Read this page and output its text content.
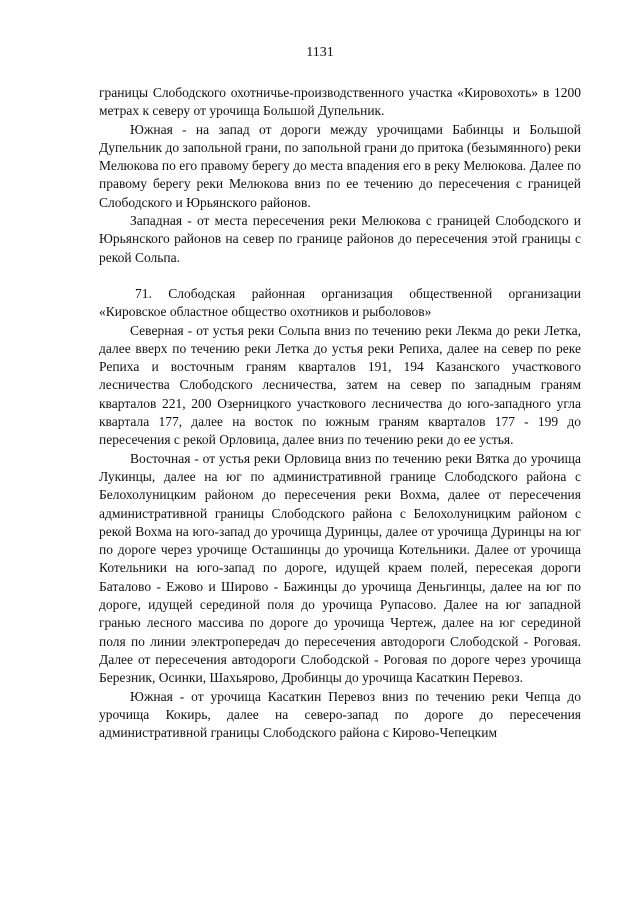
1131

границы Слободского охотничье-производственного участка «Кировохоть» в 1200 метрах к северу от урочища Большой Дупельник.

Южная - на запад от дороги между урочищами Бабинцы и Большой Дупельник до запольной грани, по запольной грани до притока (безымянного) реки Мелюкова по его правому берегу до места впадения его в реку Мелюкова. Далее по правому берегу реки Мелюкова вниз по ее течению до пересечения с границей Слободского и Юрьянского районов.

Западная - от места пересечения реки Мелюкова с границей Слободского и Юрьянского районов на север по границе районов до пересечения этой границы с рекой Сольпа.

71. Слободская районная организация общественной организации «Кировское областное общество охотников и рыболовов»

Северная - от устья реки Сольпа вниз по течению реки Лекма до реки Летка, далее вверх по течению реки Летка до устья реки Репиха, далее на север по реке Репиха и восточным граням кварталов 191, 194 Казанского участкового лесничества Слободского лесничества, затем на север по западным граням кварталов 221, 200 Озерницкого участкового лесничества до юго-западного угла квартала 177, далее на восток по южным граням кварталов 177 - 199 до пересечения с рекой Орловица, далее вниз по течению реки до ее устья.

Восточная - от устья реки Орловица вниз по течению реки Вятка до урочища Лукинцы, далее на юг по административной границе Слободского района с Белохолуницким районом до пересечения реки Вохма, далее от пересечения административной границы Слободского района с Белохолуницким районом с рекой Вохма на юго-запад до урочища Дуринцы, далее от урочища Дуринцы на юг по дороге через урочище Осташинцы до урочища Котельники. Далее от урочища Котельники на юго-запад по дороге, идущей краем полей, пересекая дороги Баталово - Ежово и Широво - Бажинцы до урочища Деньгинцы, далее на юг по дороге, идущей серединой поля до урочища Рупасово. Далее на юг западной гранью лесного массива по дороге до урочища Чертеж, далее на юг серединой поля по линии электропередач до пересечения автодороги Слободской - Роговая. Далее от пересечения автодороги Слободской - Роговая по дороге через урочища Березник, Осинки, Шахьярово, Дробинцы до урочища Касаткин Перевоз.

Южная - от урочища Касаткин Перевоз вниз по течению реки Чепца до урочища Кокирь, далее на северо-запад по дороге до пересечения административной границы Слободского района с Кирово-Чепецким
